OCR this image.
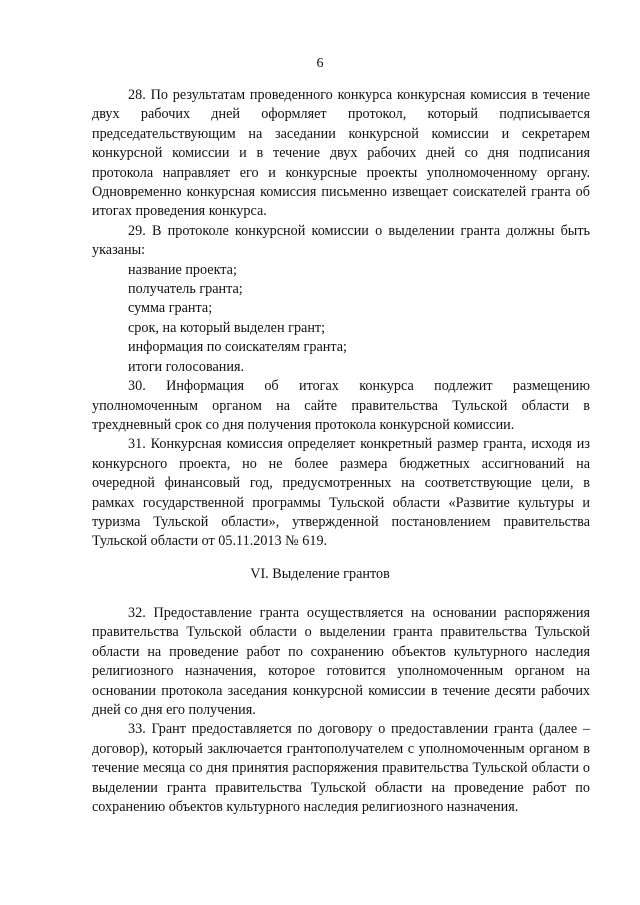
6

28. По результатам проведенного конкурса конкурсная комиссия в течение двух рабочих дней оформляет протокол, который подписывается председательствующим на заседании конкурсной комиссии и секретарем конкурсной комиссии и в течение двух рабочих дней со дня подписания протокола направляет его и конкурсные проекты уполномоченному органу. Одновременно конкурсная комиссия письменно извещает соискателей гранта об итогах проведения конкурса.

29. В протоколе конкурсной комиссии о выделении гранта должны быть указаны:

название проекта;

получатель гранта;

сумма гранта;

срок, на который выделен грант;

информация по соискателям гранта;

итоги голосования.

30. Информация об итогах конкурса подлежит размещению уполномоченным органом на сайте правительства Тульской области в трехдневный срок со дня получения протокола конкурсной комиссии.

31. Конкурсная комиссия определяет конкретный размер гранта, исходя из конкурсного проекта, но не более размера бюджетных ассигнований на очередной финансовый год, предусмотренных на соответствующие цели, в рамках государственной программы Тульской области «Развитие культуры и туризма Тульской области», утвержденной постановлением правительства Тульской области от 05.11.2013 № 619.

VI. Выделение грантов

32. Предоставление гранта осуществляется на основании распоряжения правительства Тульской области о выделении гранта правительства Тульской области на проведение работ по сохранению объектов культурного наследия религиозного назначения, которое готовится уполномоченным органом на основании протокола заседания конкурсной комиссии в течение десяти рабочих дней со дня его получения.

33. Грант предоставляется по договору о предоставлении гранта (далее – договор), который заключается грантополучателем с уполномоченным органом в течение месяца со дня принятия распоряжения правительства Тульской области о выделении гранта правительства Тульской области на проведение работ по сохранению объектов культурного наследия религиозного назначения.
